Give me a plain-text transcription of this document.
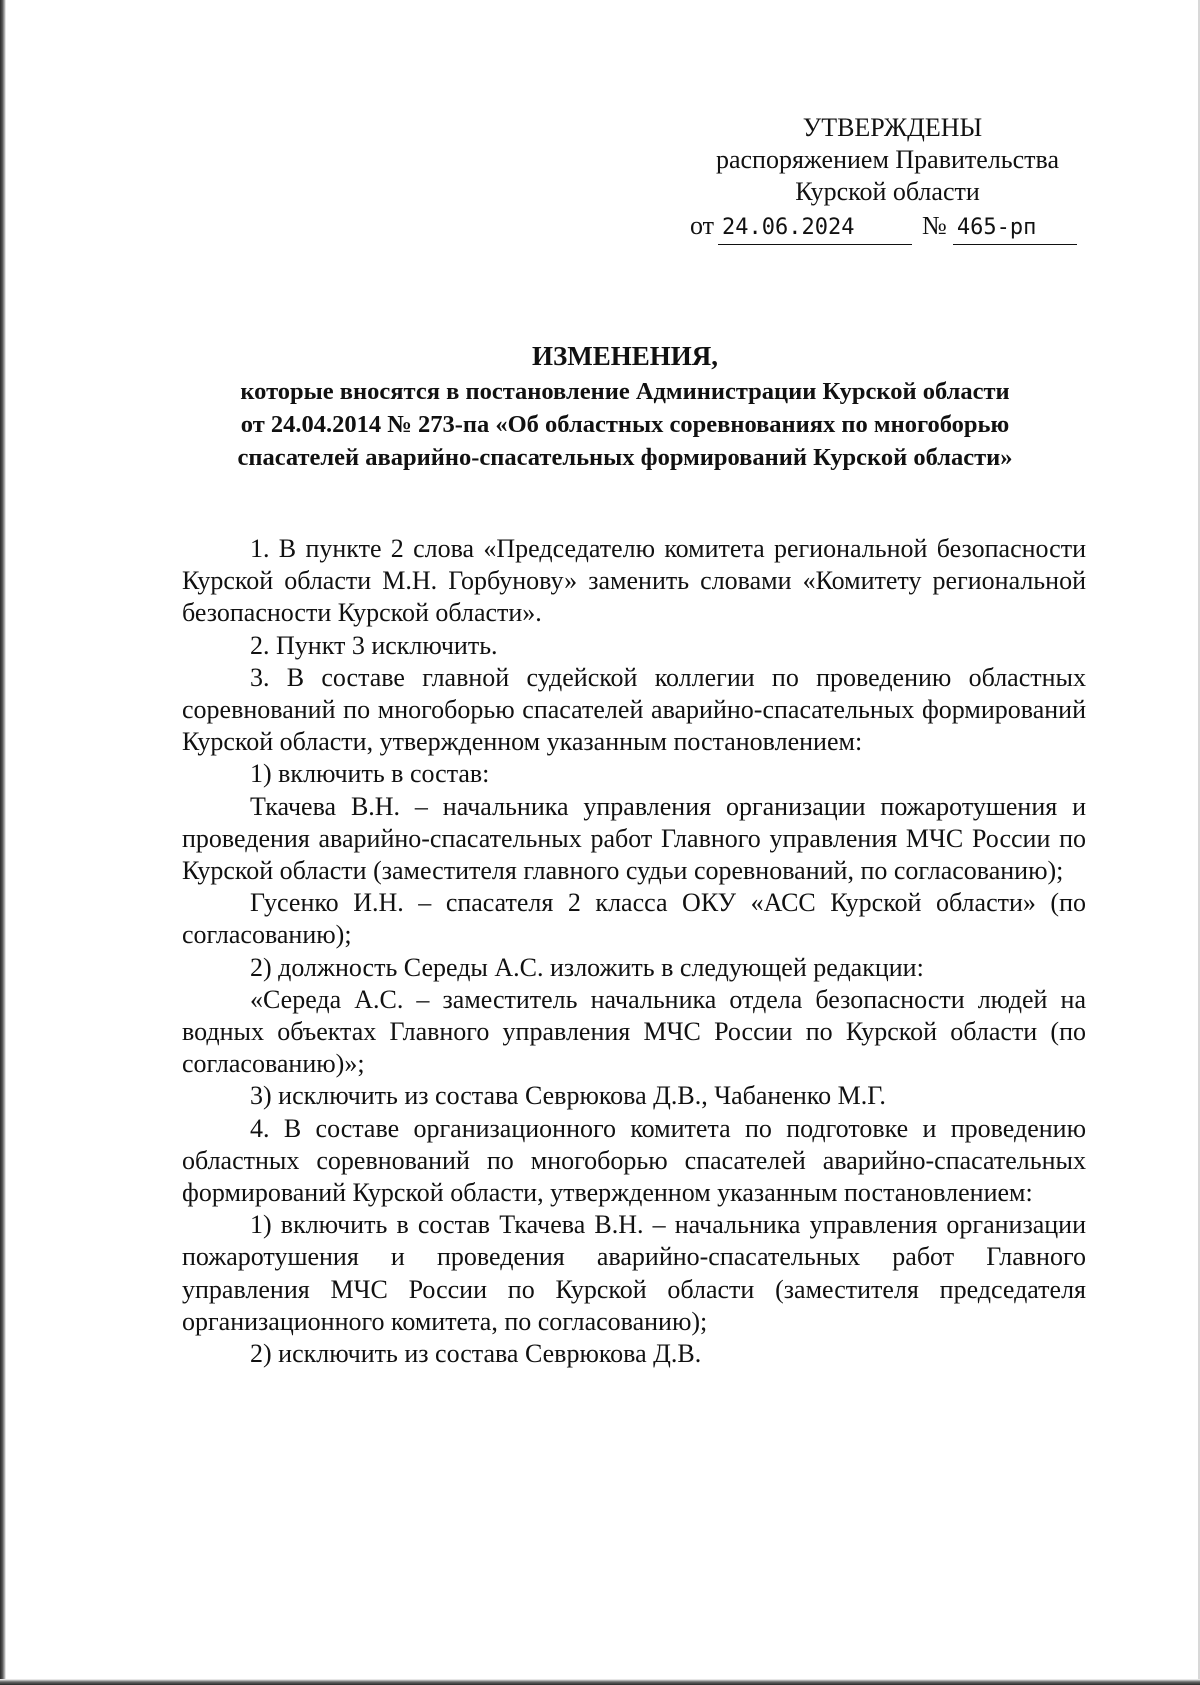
УТВЕРЖДЕНЫ
распоряжением Правительства
Курской области
от 24.06.2024	№ 465-рп
ИЗМЕНЕНИЯ,
которые вносятся в постановление Администрации Курской области
от 24.04.2014 № 273-па «Об областных соревнованиях по многоборью
спасателей аварийно-спасательных формирований Курской области»

1. В пункте 2 слова «Председателю комитета региональной безопасности Курской области М.Н. Горбунову» заменить словами «Комитету региональной безопасности Курской области».

2. Пункт 3 исключить.

3. В составе главной судейской коллегии по проведению областных соревнований по многоборью спасателей аварийно-спасательных формирований Курской области, утвержденном указанным постановлением:

1) включить в состав:

Ткачева В.Н. – начальника управления организации пожаротушения и проведения аварийно-спасательных работ Главного управления МЧС России по Курской области (заместителя главного судьи соревнований, по согласованию);

Гусенко И.Н. – спасателя 2 класса ОКУ «АСС Курской области» (по согласованию);

2) должность Середы А.С. изложить в следующей редакции:

«Середа А.С. – заместитель начальника отдела безопасности людей на водных объектах Главного управления МЧС России по Курской области (по согласованию)»;

3) исключить из состава Севрюкова Д.В., Чабаненко М.Г.

4. В составе организационного комитета по подготовке и проведению областных соревнований по многоборью спасателей аварийно-спасательных формирований Курской области, утвержденном указанным постановлением:

1) включить в состав Ткачева В.Н. – начальника управления организации пожаротушения и проведения аварийно-спасательных работ Главного управления МЧС России по Курской области (заместителя председателя организационного комитета, по согласованию);

2) исключить из состава Севрюкова Д.В.
